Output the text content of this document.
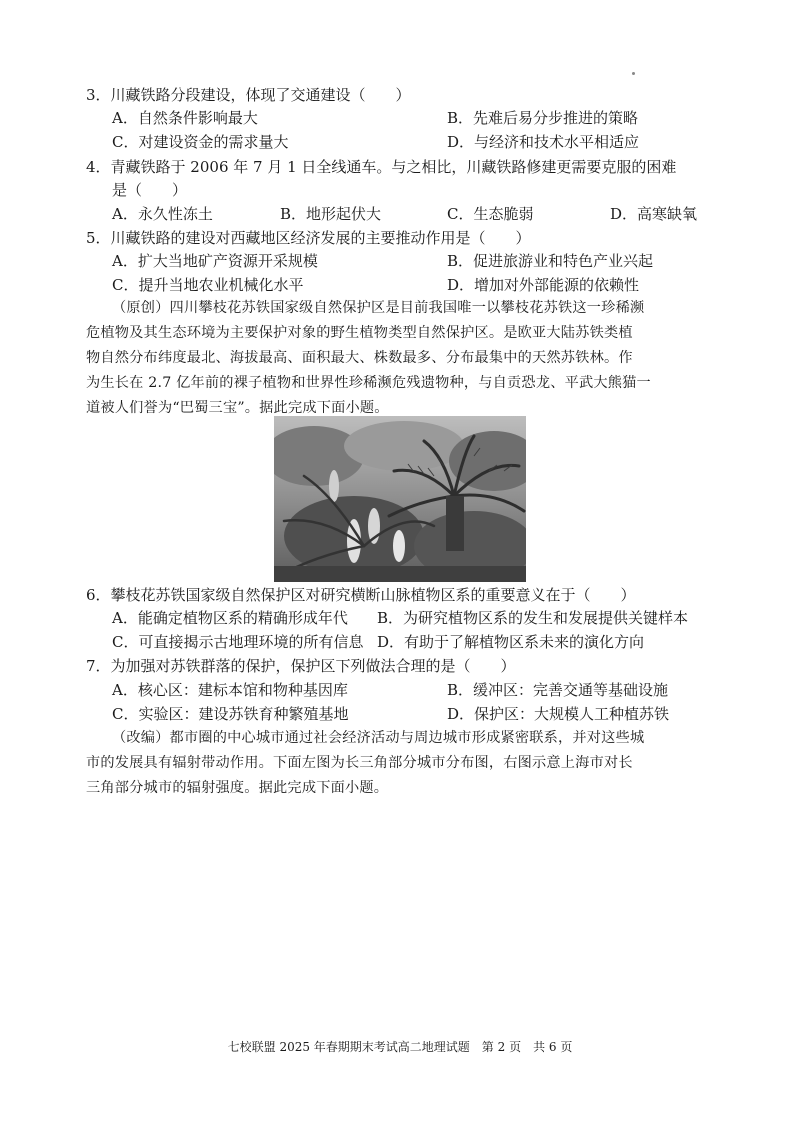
3．川藏铁路分段建设，体现了交通建设（　　）
A．自然条件影响最大	B．先难后易分步推进的策略
C．对建设资金的需求量大	D．与经济和技术水平相适应
4．青藏铁路于 2006 年 7 月 1 日全线通车。与之相比，川藏铁路修建更需要克服的困难
是（　　）
A．永久性冻土	B．地形起伏大	C．生态脆弱	D．高寒缺氧
5．川藏铁路的建设对西藏地区经济发展的主要推动作用是（　　）
A．扩大当地矿产资源开采规模	B．促进旅游业和特色产业兴起
C．提升当地农业机械化水平	D．增加对外部能源的依赖性
（原创）四川攀枝花苏铁国家级自然保护区是目前我国唯一以攀枝花苏铁这一珍稀濒
危植物及其生态环境为主要保护对象的野生植物类型自然保护区。是欧亚大陆苏铁类植
物自然分布纬度最北、海拔最高、面积最大、株数最多、分布最集中的天然苏铁林。作
为生长在 2.7 亿年前的裸子植物和世界性珍稀濒危残遗物种，与自贡恐龙、平武大熊猫一
道被人们誉为“巴蜀三宝”。据此完成下面小题。
6．攀枝花苏铁国家级自然保护区对研究横断山脉植物区系的重要意义在于（　　）
A．能确定植物区系的精确形成年代 B．为研究植物区系的发生和发展提供关键样本
C．可直接揭示古地理环境的所有信息 D．有助于了解植物区系未来的演化方向
7．为加强对苏铁群落的保护，保护区下列做法合理的是（　　）
A．核心区：建标本馆和物种基因库	B．缓冲区：完善交通等基础设施
C．实验区：建设苏铁育种繁殖基地	D．保护区：大规模人工种植苏铁
（改编）都市圈的中心城市通过社会经济活动与周边城市形成紧密联系，并对这些城
市的发展具有辐射带动作用。下面左图为长三角部分城市分布图，右图示意上海市对长
三角部分城市的辐射强度。据此完成下面小题。
七校联盟 2025 年春期期末考试高二地理试题　第 2 页　共 6 页
